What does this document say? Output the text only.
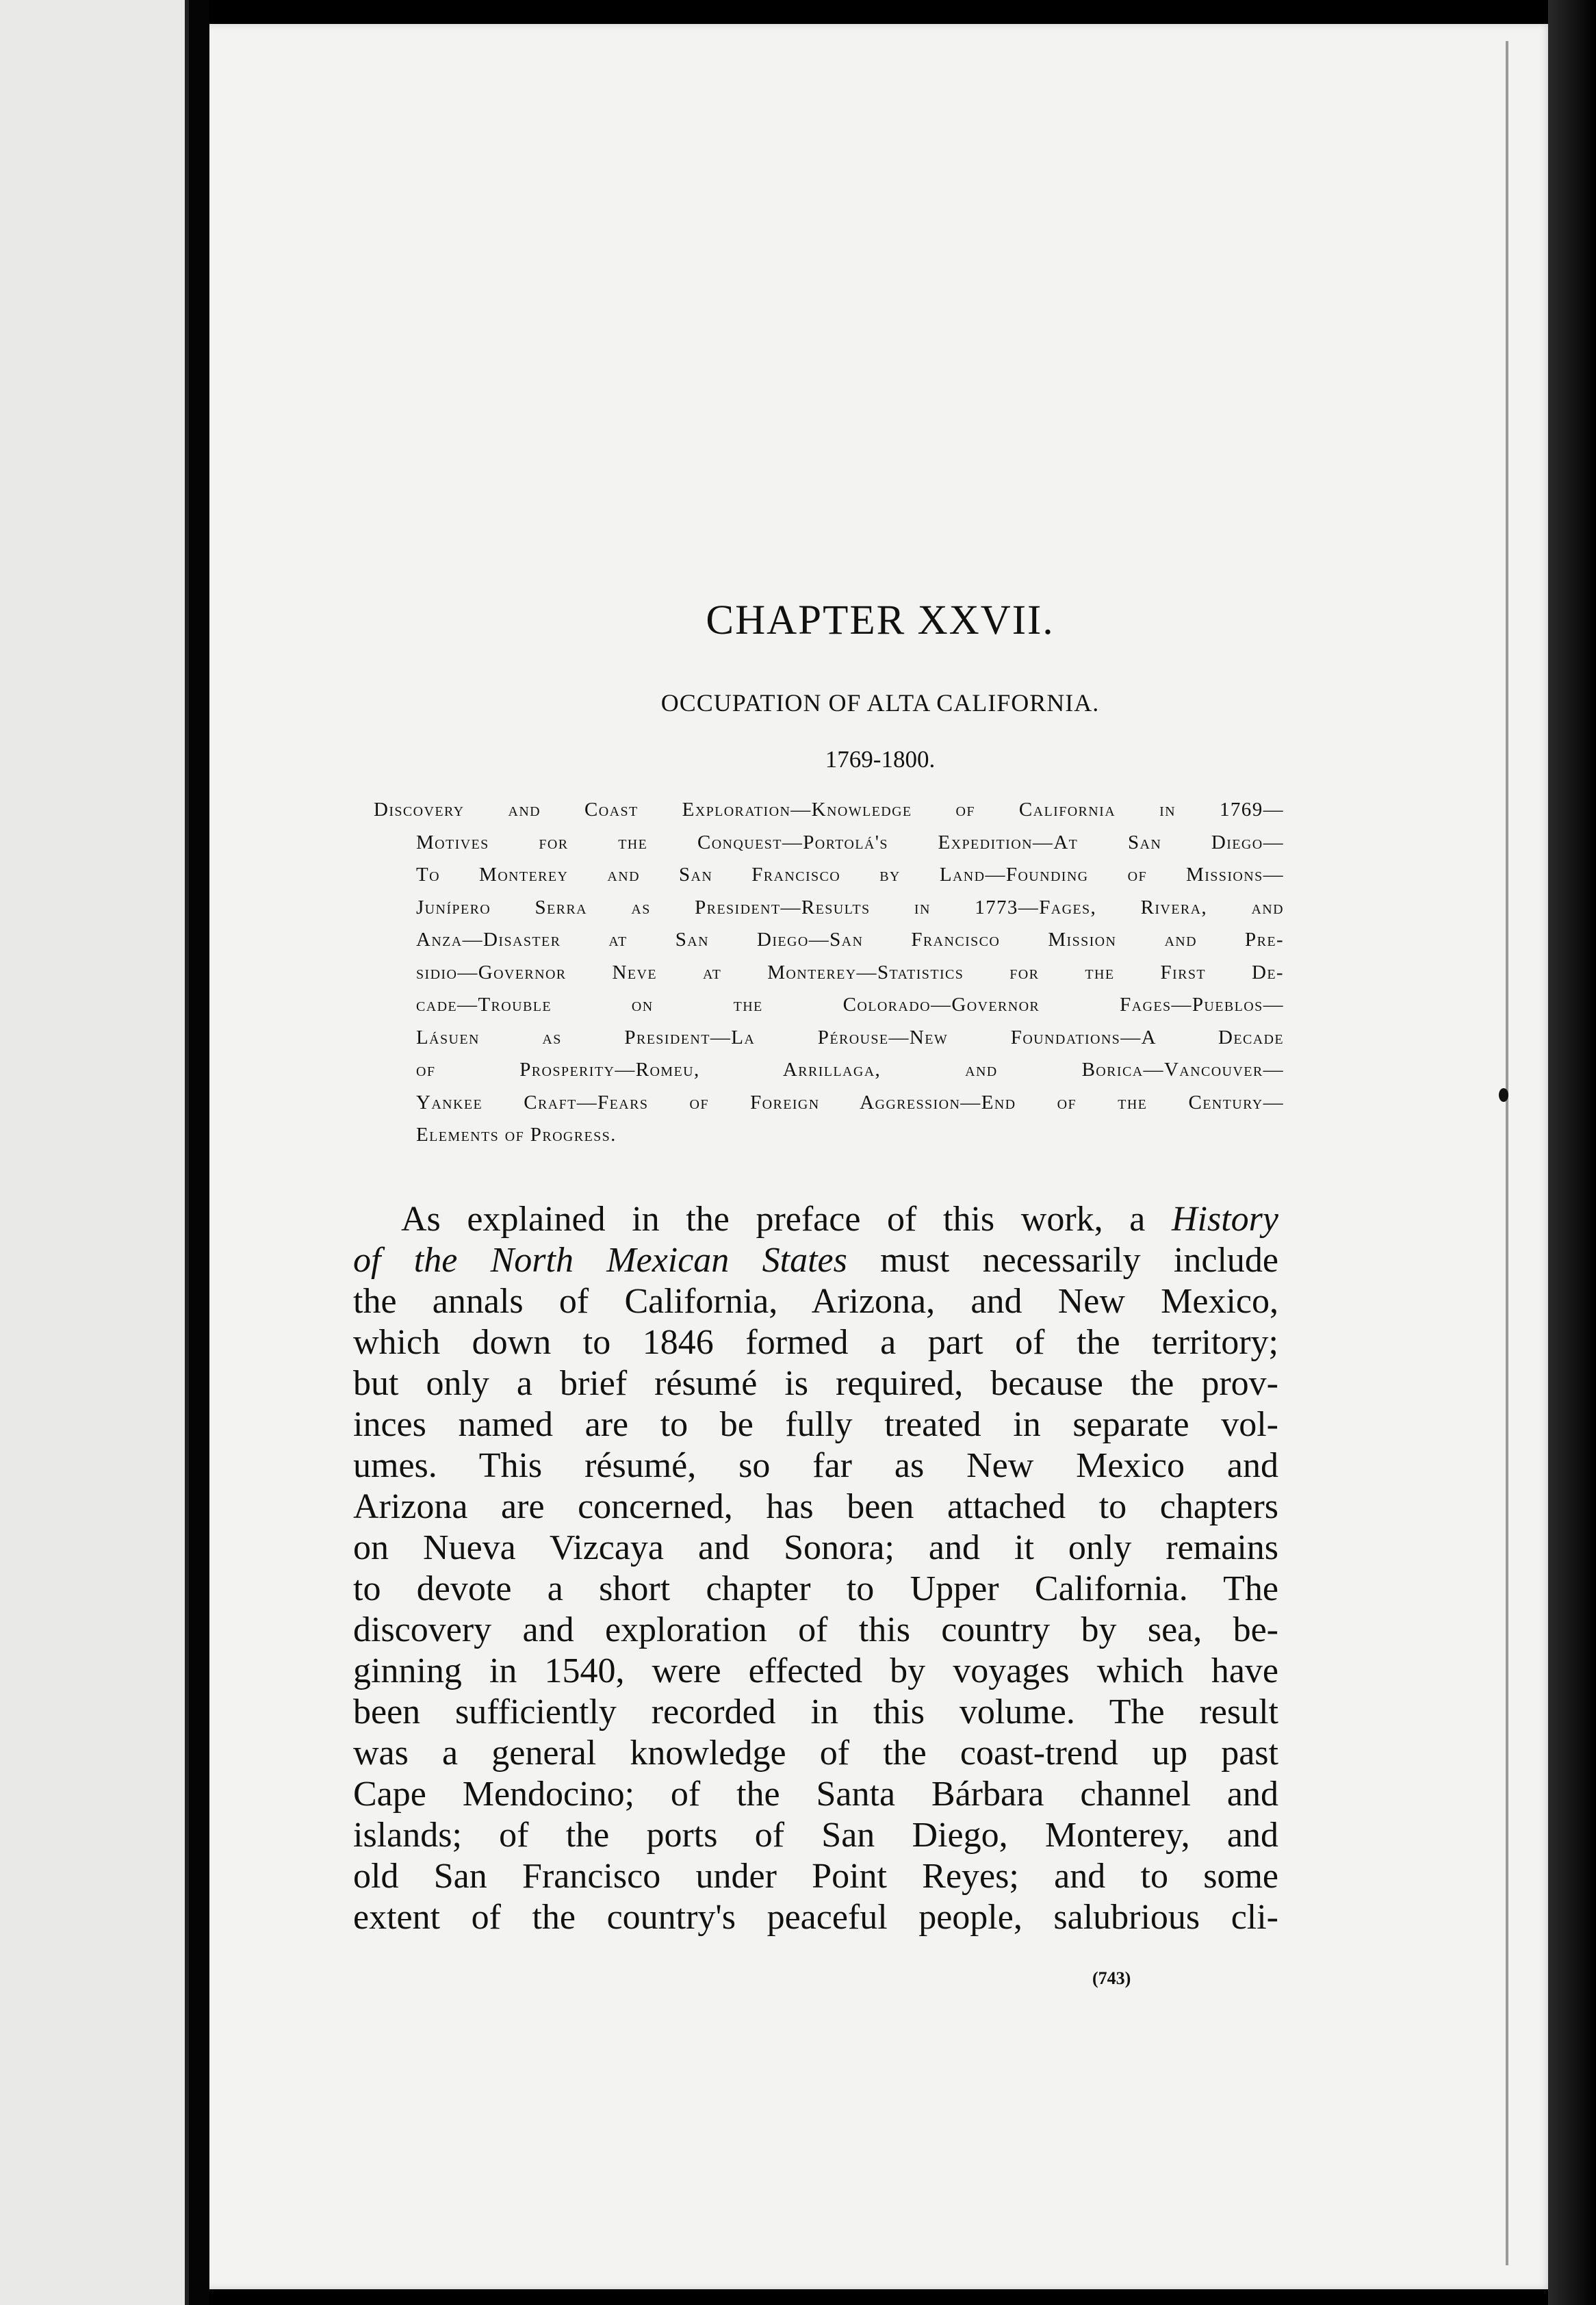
CHAPTER XXVII.
OCCUPATION OF ALTA CALIFORNIA.
1769-1800.
Discovery and Coast Exploration—Knowledge of California in 1769—
Motives for the Conquest—Portolá's Expedition—At San Diego—
To Monterey and San Francisco by Land—Founding of Missions—
Junípero Serra as President—Results in 1773—Fages, Rivera, and
Anza—Disaster at San Diego—San Francisco Mission and Pre-
sidio—Governor Neve at Monterey—Statistics for the First De-
cade—Trouble on the Colorado—Governor Fages—Pueblos—
Lásuen as President—La Pérouse—New Foundations—A Decade
of Prosperity—Romeu, Arrillaga, and Borica—Vancouver—
Yankee Craft—Fears of Foreign Aggression—End of the Century—
Elements of Progress.
As explained in the preface of this work, a History
of the North Mexican States must necessarily include
the annals of California, Arizona, and New Mexico,
which down to 1846 formed a part of the territory;
but only a brief résumé is required, because the prov-
inces named are to be fully treated in separate vol-
umes. This résumé, so far as New Mexico and
Arizona are concerned, has been attached to chapters
on Nueva Vizcaya and Sonora; and it only remains
to devote a short chapter to Upper California. The
discovery and exploration of this country by sea, be-
ginning in 1540, were effected by voyages which have
been sufficiently recorded in this volume. The result
was a general knowledge of the coast-trend up past
Cape Mendocino; of the Santa Bárbara channel and
islands; of the ports of San Diego, Monterey, and
old San Francisco under Point Reyes; and to some
extent of the country's peaceful people, salubrious cli-
(743)
